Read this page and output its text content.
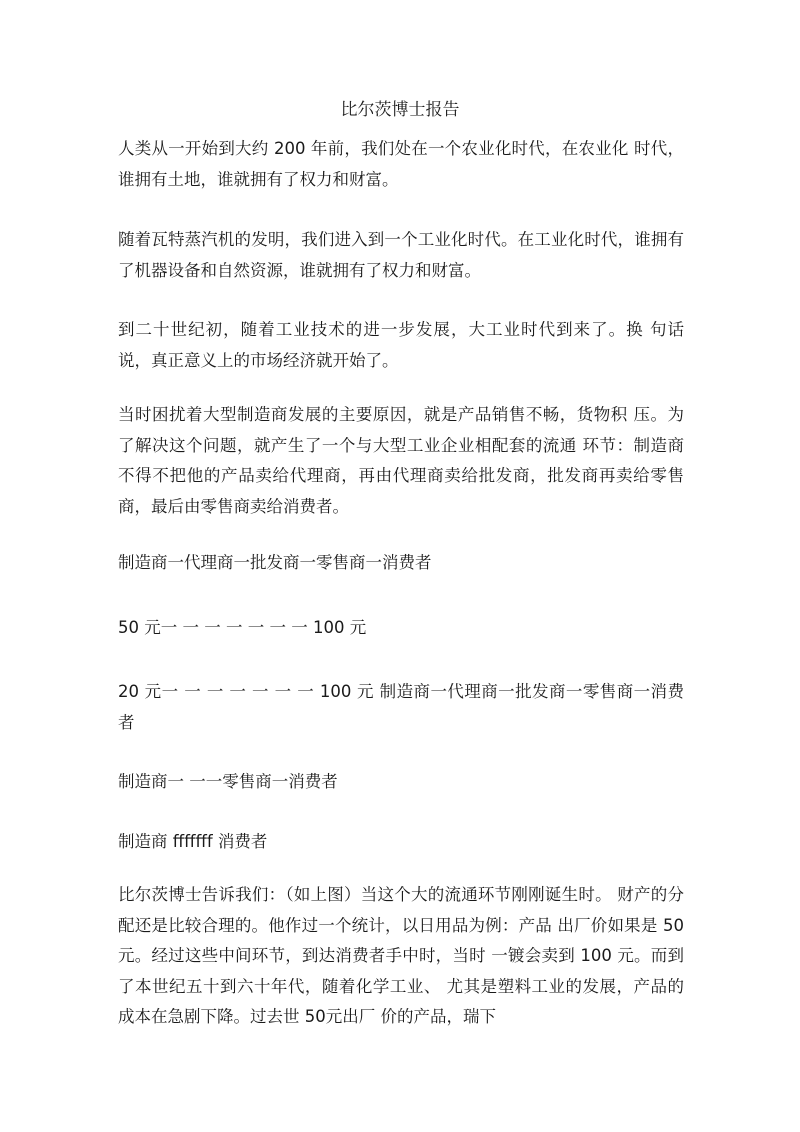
比尔茨博士报告

人类从一开始到大约 200 年前，我们处在一个农业化时代，在农业化 时代，谁拥有土地，谁就拥有了权力和财富。

随着瓦特蒸汽机的发明，我们进入到一个工业化时代。在工业化时代，谁拥有了机器设备和自然资源，谁就拥有了权力和财富。

到二十世纪初，随着工业技术的进一步发展，大工业时代到来了。换 句话说，真正意义上的市场经济就开始了。

当时困扰着大型制造商发展的主要原因，就是产品销售不畅，货物积 压。为了解决这个问题，就产生了一个与大型工业企业相配套的流通 环节：制造商不得不把他的产品卖给代理商，再由代理商卖给批发商，批发商再卖给零售商，最后由零售商卖给消费者。

制造商一代理商一批发商一零售商一消费者

50 元一 一 一 一 一 一 一 100 元

20 元一 一 一 一 一 一 一 100 元 制造商一代理商一批发商一零售商一消费者

制造商一 一一零售商一消费者

制造商 fffffff 消费者

比尔茨博士告诉我们：（如上图）当这个大的流通环节刚刚诞生时。 财产的分配还是比较合理的。他作过一个统计，以日用品为例：产品 出厂价如果是 50 元。经过这些中间环节，到达消费者手中时，当时 一镀会卖到 100 元。而到了本世纪五十到六十年代，随着化学工业、 尤其是塑料工业的发展，产品的成本在急剧下降。过去世 50元出厂 价的产品，瑞下
